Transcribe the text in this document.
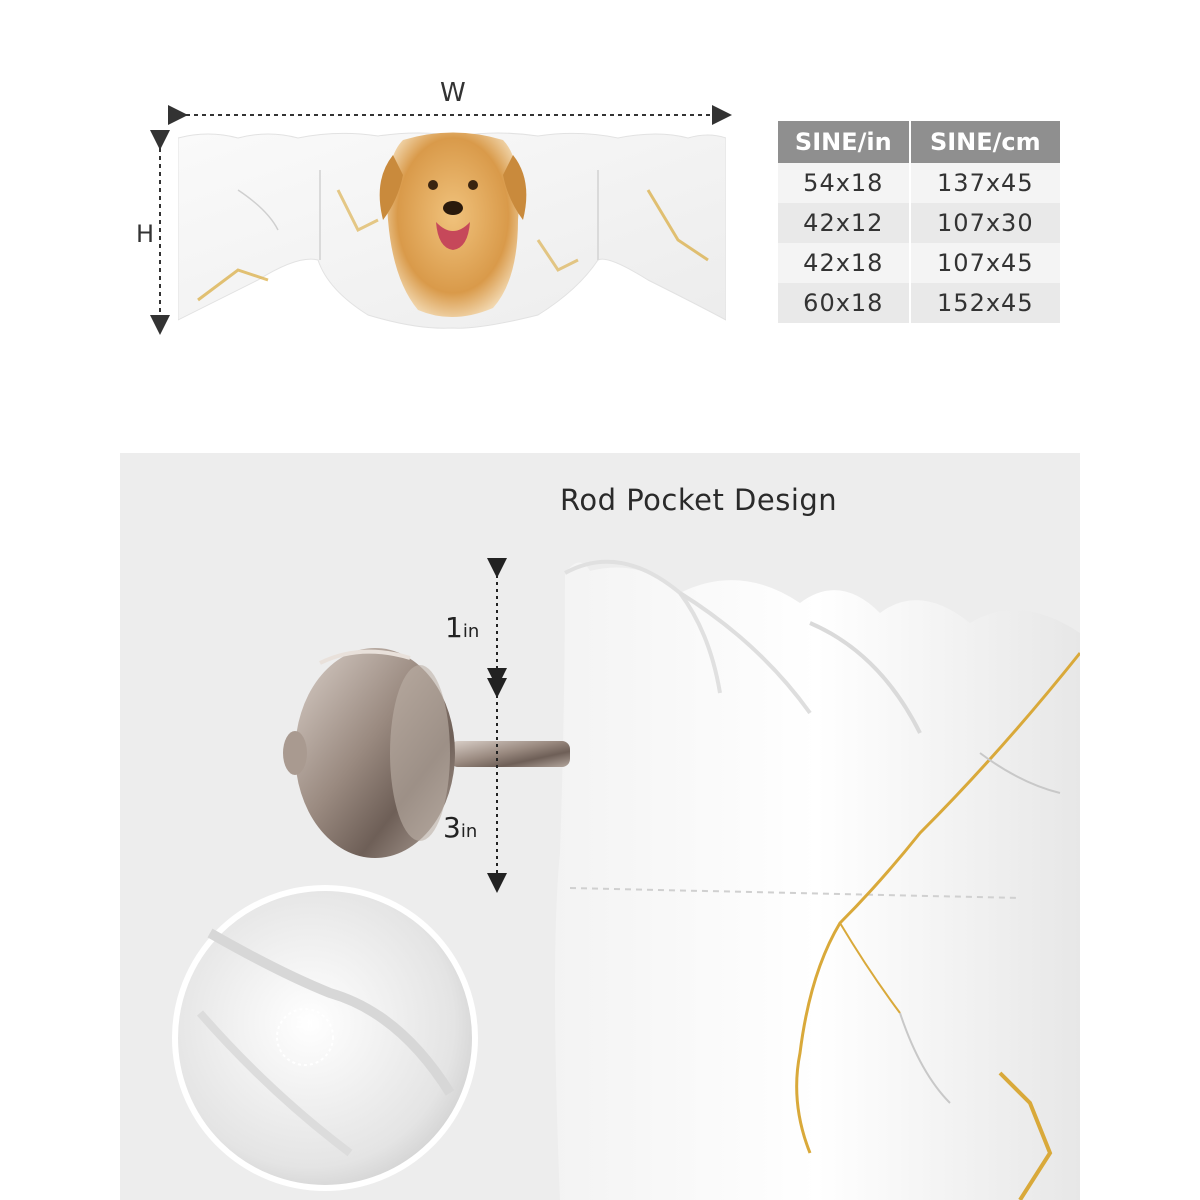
W
H
SINE/in	SINE/cm
54x18	137x45
42x12	107x30
42x18	107x45
60x18	152x45
Rod Pocket Design
1in
3in
3in
